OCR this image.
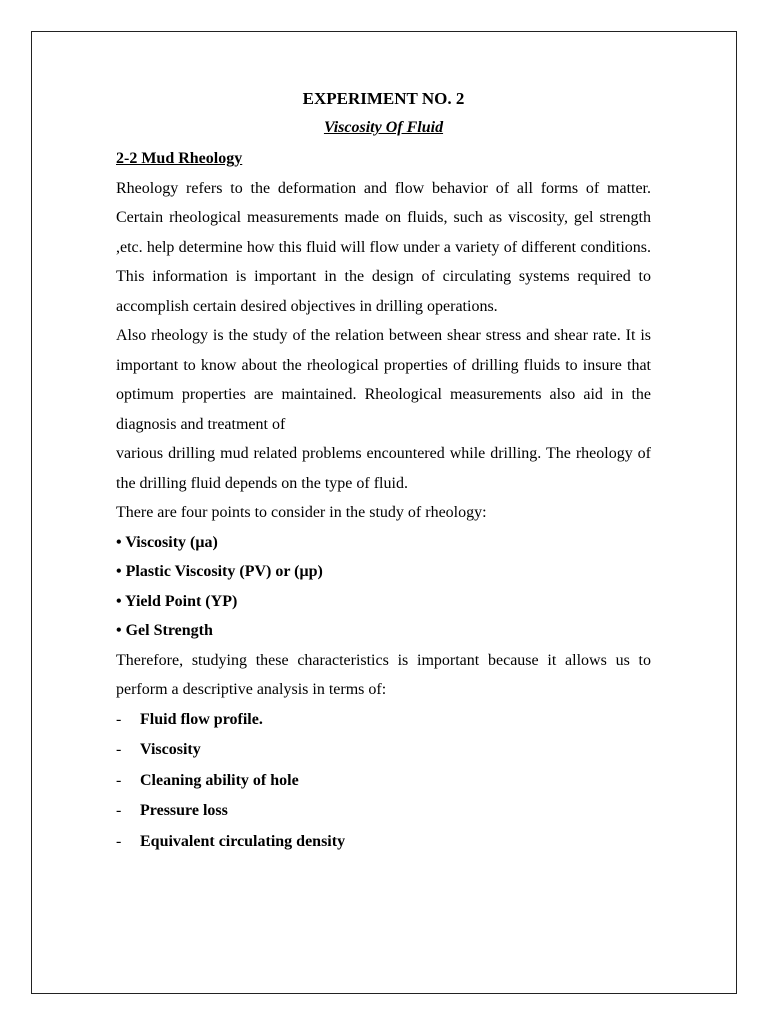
EXPERIMENT NO. 2

Viscosity Of Fluid

2-2 Mud Rheology

Rheology refers to the deformation and flow behavior of all forms of matter. Certain rheological measurements made on fluids, such as viscosity, gel strength ,etc. help determine how this fluid will flow under a variety of different conditions. This information is important in the design of circulating systems required to accomplish certain desired objectives in drilling operations.

Also rheology is the study of the relation between shear stress and shear rate. It is important to know about the rheological properties of drilling fluids to insure that optimum properties are maintained. Rheological measurements also aid in the diagnosis and treatment of

various drilling mud related problems encountered while drilling. The rheology of the drilling fluid depends on the type of fluid.

There are four points to consider in the study of rheology:

• Viscosity (μa)

• Plastic Viscosity (PV) or (μp)

• Yield Point (YP)

• Gel Strength

Therefore, studying these characteristics is important because it allows us to perform a descriptive analysis in terms of:

-	Fluid flow profile.
-	Viscosity
-	Cleaning ability of hole
-	Pressure loss
-	Equivalent circulating density
